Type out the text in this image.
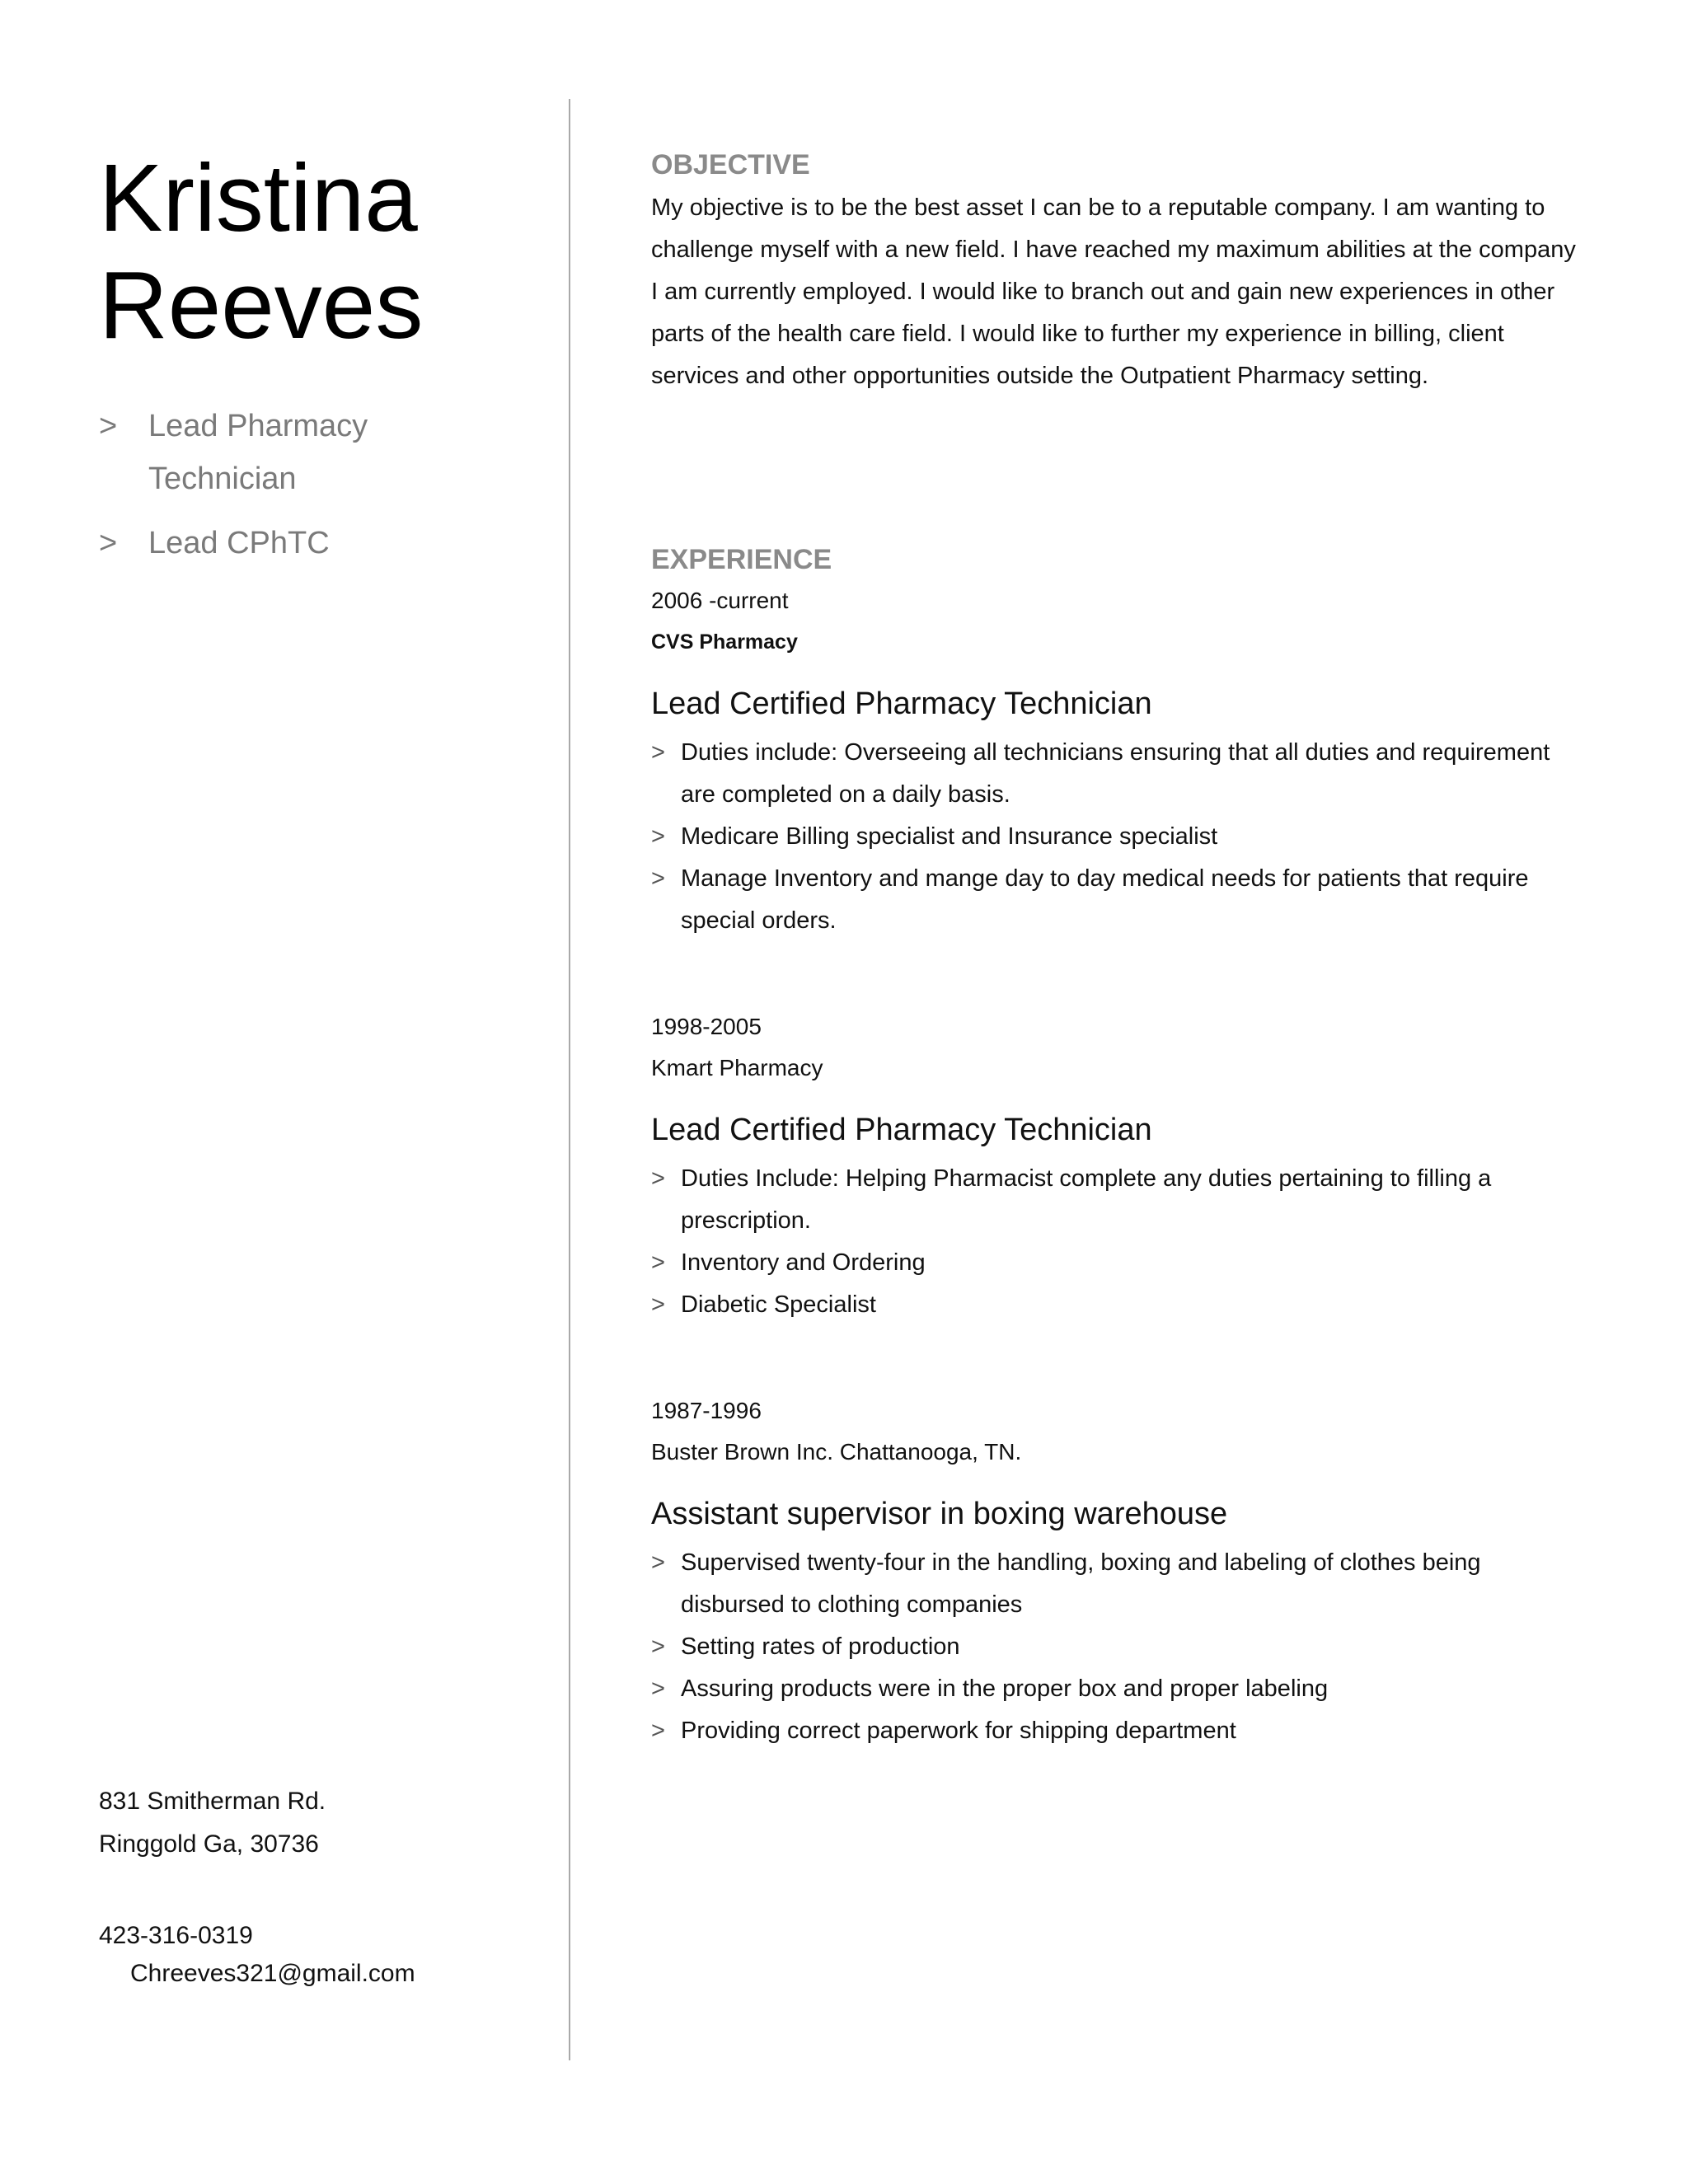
Kristina
Reeves
> Lead Pharmacy Technician
> Lead CPhTC
831 Smitherman Rd.
Ringgold Ga, 30736
423-316-0319
Chreeves321@gmail.com
OBJECTIVE
My objective is to be the best asset I can be to a reputable company. I am wanting to challenge myself with a new field. I have reached my maximum abilities at the company I am currently employed. I would like to branch out and gain new experiences in other parts of the health care field. I would like to further my experience in billing, client services and other opportunities outside the Outpatient Pharmacy setting.
EXPERIENCE
2006 -current
CVS Pharmacy
Lead Certified Pharmacy Technician
> Duties include: Overseeing all technicians ensuring that all duties and requirement are completed on a daily basis.
> Medicare Billing specialist and Insurance specialist
> Manage Inventory and mange day to day medical needs for patients that require special orders.
1998-2005
Kmart Pharmacy
Lead Certified Pharmacy Technician
> Duties Include: Helping Pharmacist complete any duties pertaining to filling a prescription.
> Inventory and Ordering
> Diabetic Specialist
1987-1996
Buster Brown Inc. Chattanooga, TN.
Assistant supervisor in boxing warehouse
> Supervised twenty-four in the handling, boxing and labeling of clothes being disbursed to clothing companies
> Setting rates of production
> Assuring products were in the proper box and proper labeling
> Providing correct paperwork for shipping department
